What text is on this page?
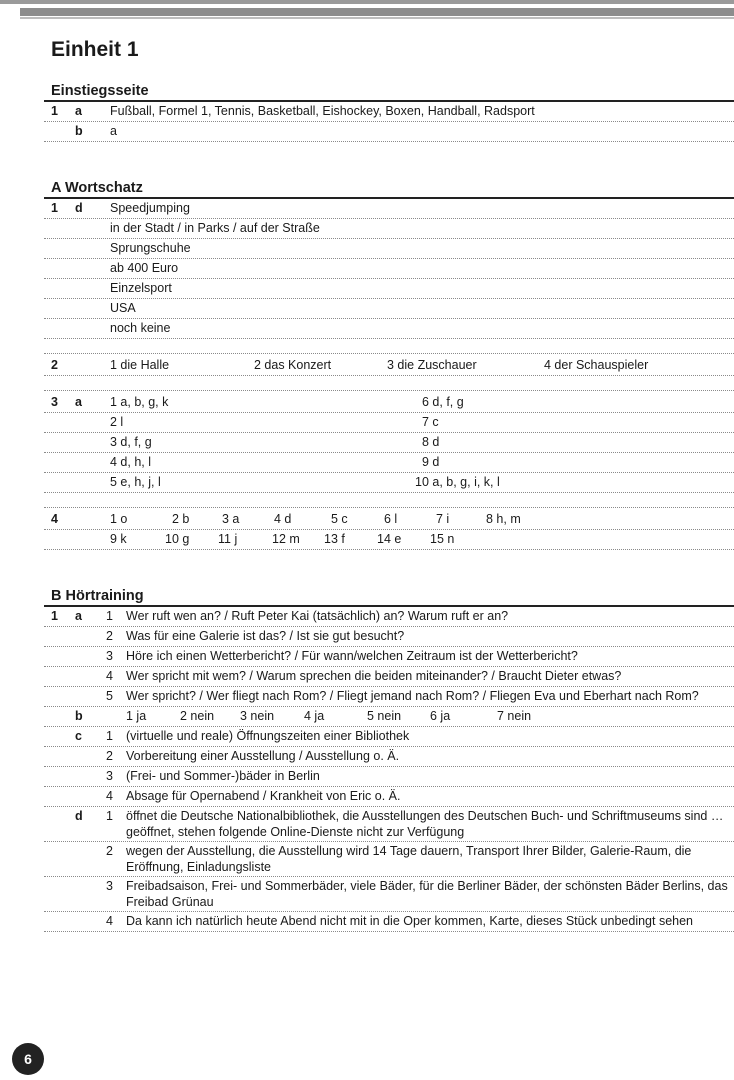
Einheit 1
Einstiegsseite
1	a	Fußball, Formel 1, Tennis, Basketball, Eishockey, Boxen, Handball, Radsport
b	a
A Wortschatz
1	d	Speedjumping
in der Stadt / in Parks / auf der Straße
Sprungschuhe
ab 400 Euro
Einzelsport
USA
noch keine
2	1 die Halle	2 das Konzert	3 die Zuschauer	4 der Schauspieler
3	a	1 a, b, g, k	6 d, f, g
2 l	7 c
3 d, f, g	8 d
4 d, h, l	9 d
5 e, h, j, l	10 a, b, g, i, k, l
4	1 o	2 b	3 a	4 d	5 c	6 l	7 i	8 h, m
9 k	10 g 11 j	12 m 13 f	14 e 15 n
B Hörtraining
1	a	1	Wer ruft wen an? / Ruft Peter Kai (tatsächlich) an? Warum ruft er an?
2	Was für eine Galerie ist das? / Ist sie gut besucht?
3	Höre ich einen Wetterbericht? / Für wann/welchen Zeitraum ist der Wetterbericht?
4	Wer spricht mit wem? / Warum sprechen die beiden miteinander? / Braucht Dieter etwas?
5	Wer spricht? / Wer fliegt nach Rom? / Fliegt jemand nach Rom? / Fliegen Eva und Eberhart nach Rom?
b	1 ja	2 nein 3 nein 4 ja	5 nein 6 ja	7 nein
c	1	(virtuelle und reale) Öffnungszeiten einer Bibliothek
2	Vorbereitung einer Ausstellung / Ausstellung o. Ä.
3	(Frei- und Sommer-)bäder in Berlin
4	Absage für Opernabend / Krankheit von Eric o. Ä.
d	1	öffnet die Deutsche Nationalbibliothek, die Ausstellungen des Deutschen Buch- und Schriftmuseums sind … geöffnet, stehen folgende Online-Dienste nicht zur Verfügung
2	wegen der Ausstellung, die Ausstellung wird 14 Tage dauern, Transport Ihrer Bilder, Galerie-Raum, die Eröffnung, Einladungsliste
3	Freibadsaison, Frei- und Sommerbäder, viele Bäder, für die Berliner Bäder, der schönsten Bäder Berlins, das Freibad Grünau
4	Da kann ich natürlich heute Abend nicht mit in die Oper kommen, Karte, dieses Stück unbedingt sehen
6
